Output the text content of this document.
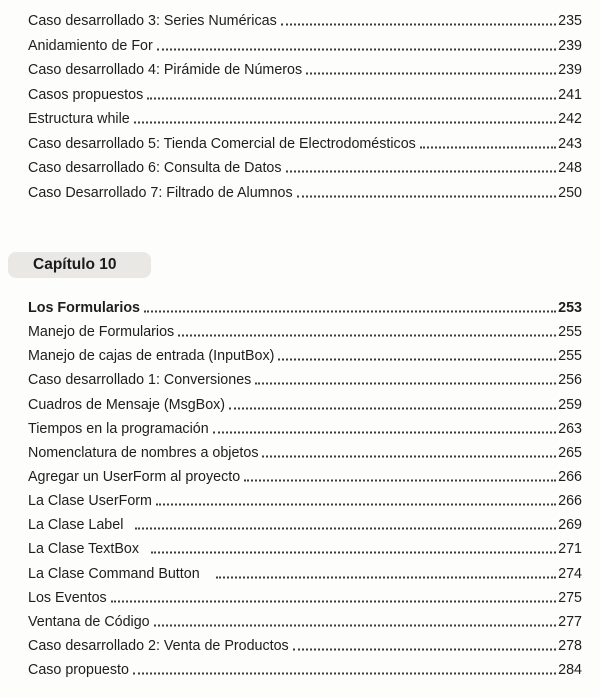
Caso desarrollado 3: Series Numéricas	235
Anidamiento de For	239
Caso desarrollado 4: Pirámide de Números	239
Casos propuestos	241
Estructura while	242
Caso desarrollado 5: Tienda Comercial de Electrodomésticos	243
Caso desarrollado 6: Consulta de Datos	248
Caso Desarrollado 7: Filtrado de Alumnos	250
Capítulo 10
Los Formularios	253
Manejo de Formularios	255
Manejo de cajas de entrada (InputBox)	255
Caso desarrollado 1: Conversiones	256
Cuadros de Mensaje (MsgBox)	259
Tiempos en la programación	263
Nomenclatura de nombres a objetos	265
Agregar un UserForm al proyecto	266
La Clase UserForm	266
La Clase Label	269
La Clase TextBox	271
La Clase Command Button	274
Los Eventos	275
Ventana de Código	277
Caso desarrollado 2: Venta de Productos	278
Caso propuesto	284
